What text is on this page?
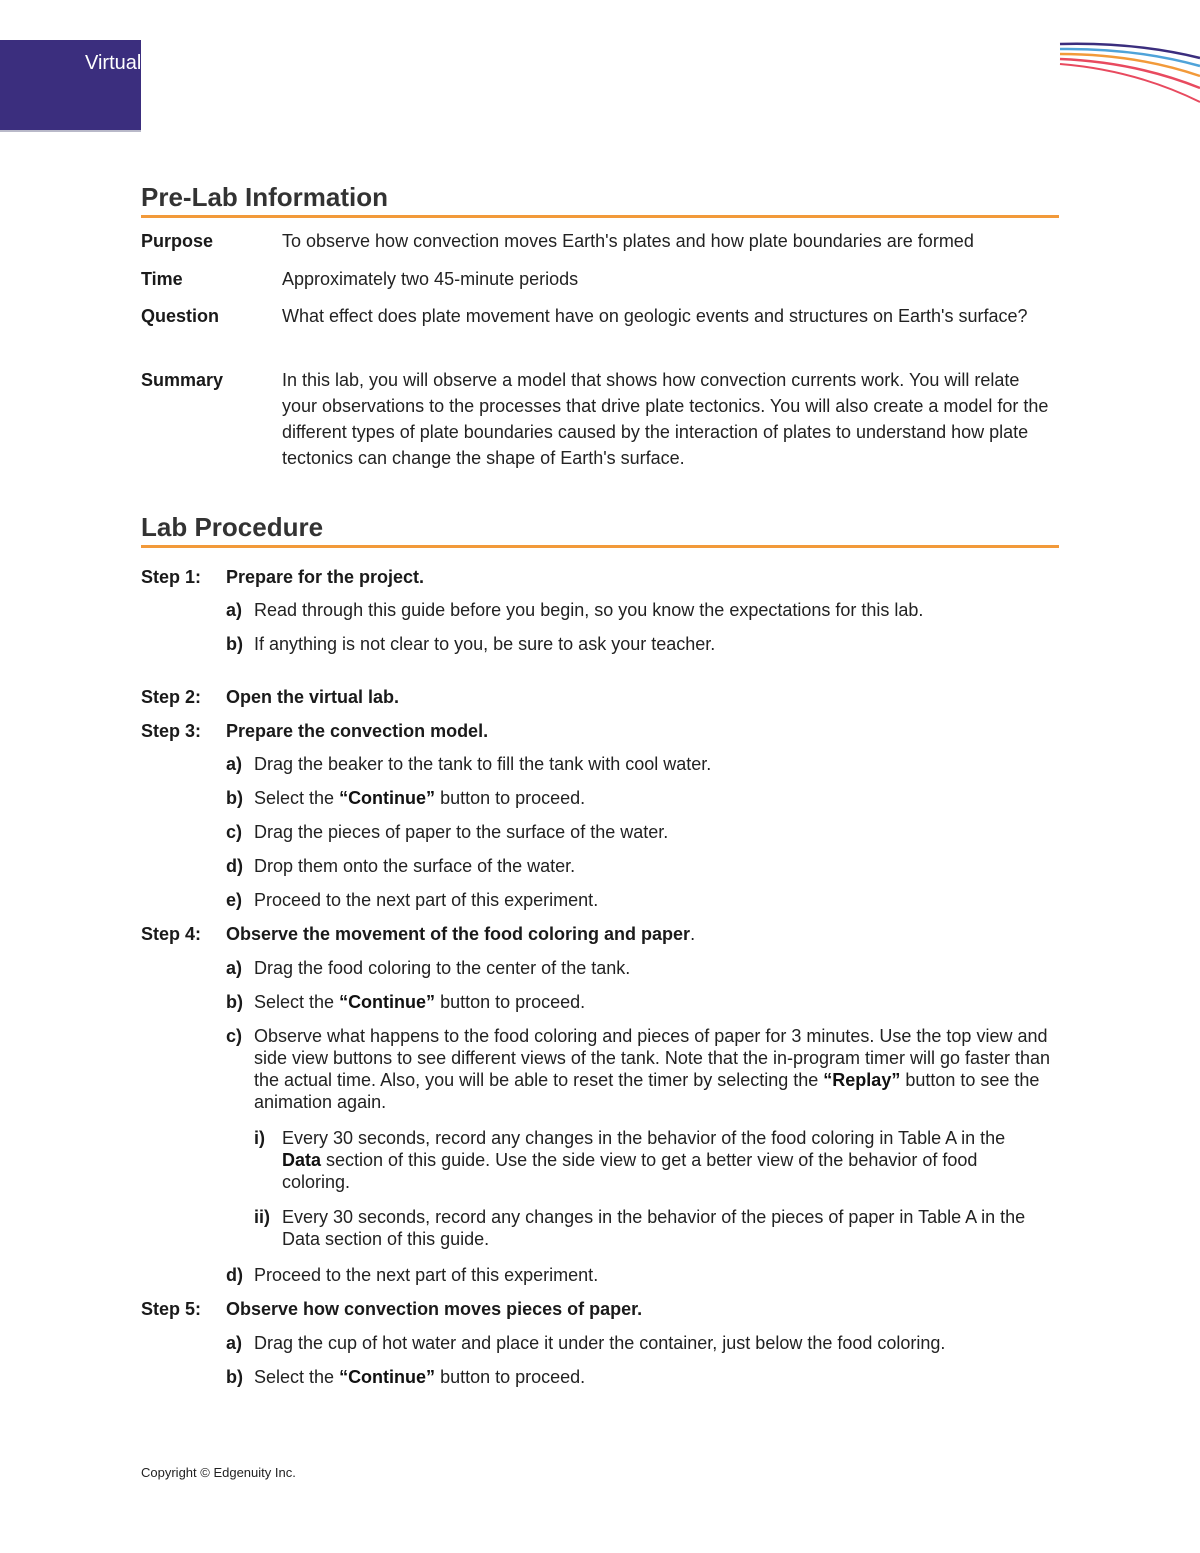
Virtual Lab
Pre-Lab Information
Purpose	To observe how convection moves Earth's plates and how plate boundaries are formed
Time	Approximately two 45-minute periods
Question	What effect does plate movement have on geologic events and structures on Earth's surface?
Summary	In this lab, you will observe a model that shows how convection currents work. You will relate your observations to the processes that drive plate tectonics. You will also create a model for the different types of plate boundaries caused by the interaction of plates to understand how plate tectonics can change the shape of Earth's surface.
Lab Procedure
Step 1:	Prepare for the project.
a) Read through this guide before you begin, so you know the expectations for this lab.
b) If anything is not clear to you, be sure to ask your teacher.
Step 2:	Open the virtual lab.
Step 3:	Prepare the convection model.
a) Drag the beaker to the tank to fill the tank with cool water.
b) Select the “Continue” button to proceed.
c) Drag the pieces of paper to the surface of the water.
d) Drop them onto the surface of the water.
e) Proceed to the next part of this experiment.
Step 4:	Observe the movement of the food coloring and paper.
a) Drag the food coloring to the center of the tank.
b) Select the “Continue” button to proceed.
c) Observe what happens to the food coloring and pieces of paper for 3 minutes. Use the top view and side view buttons to see different views of the tank. Note that the in-program timer will go faster than the actual time. Also, you will be able to reset the timer by selecting the “Replay” button to see the animation again.
i) Every 30 seconds, record any changes in the behavior of the food coloring in Table A in the Data section of this guide. Use the side view to get a better view of the behavior of food coloring.
ii) Every 30 seconds, record any changes in the behavior of the pieces of paper in Table A in the Data section of this guide.
d) Proceed to the next part of this experiment.
Step 5:	Observe how convection moves pieces of paper.
a) Drag the cup of hot water and place it under the container, just below the food coloring.
b) Select the “Continue” button to proceed.
Copyright © Edgenuity Inc.
